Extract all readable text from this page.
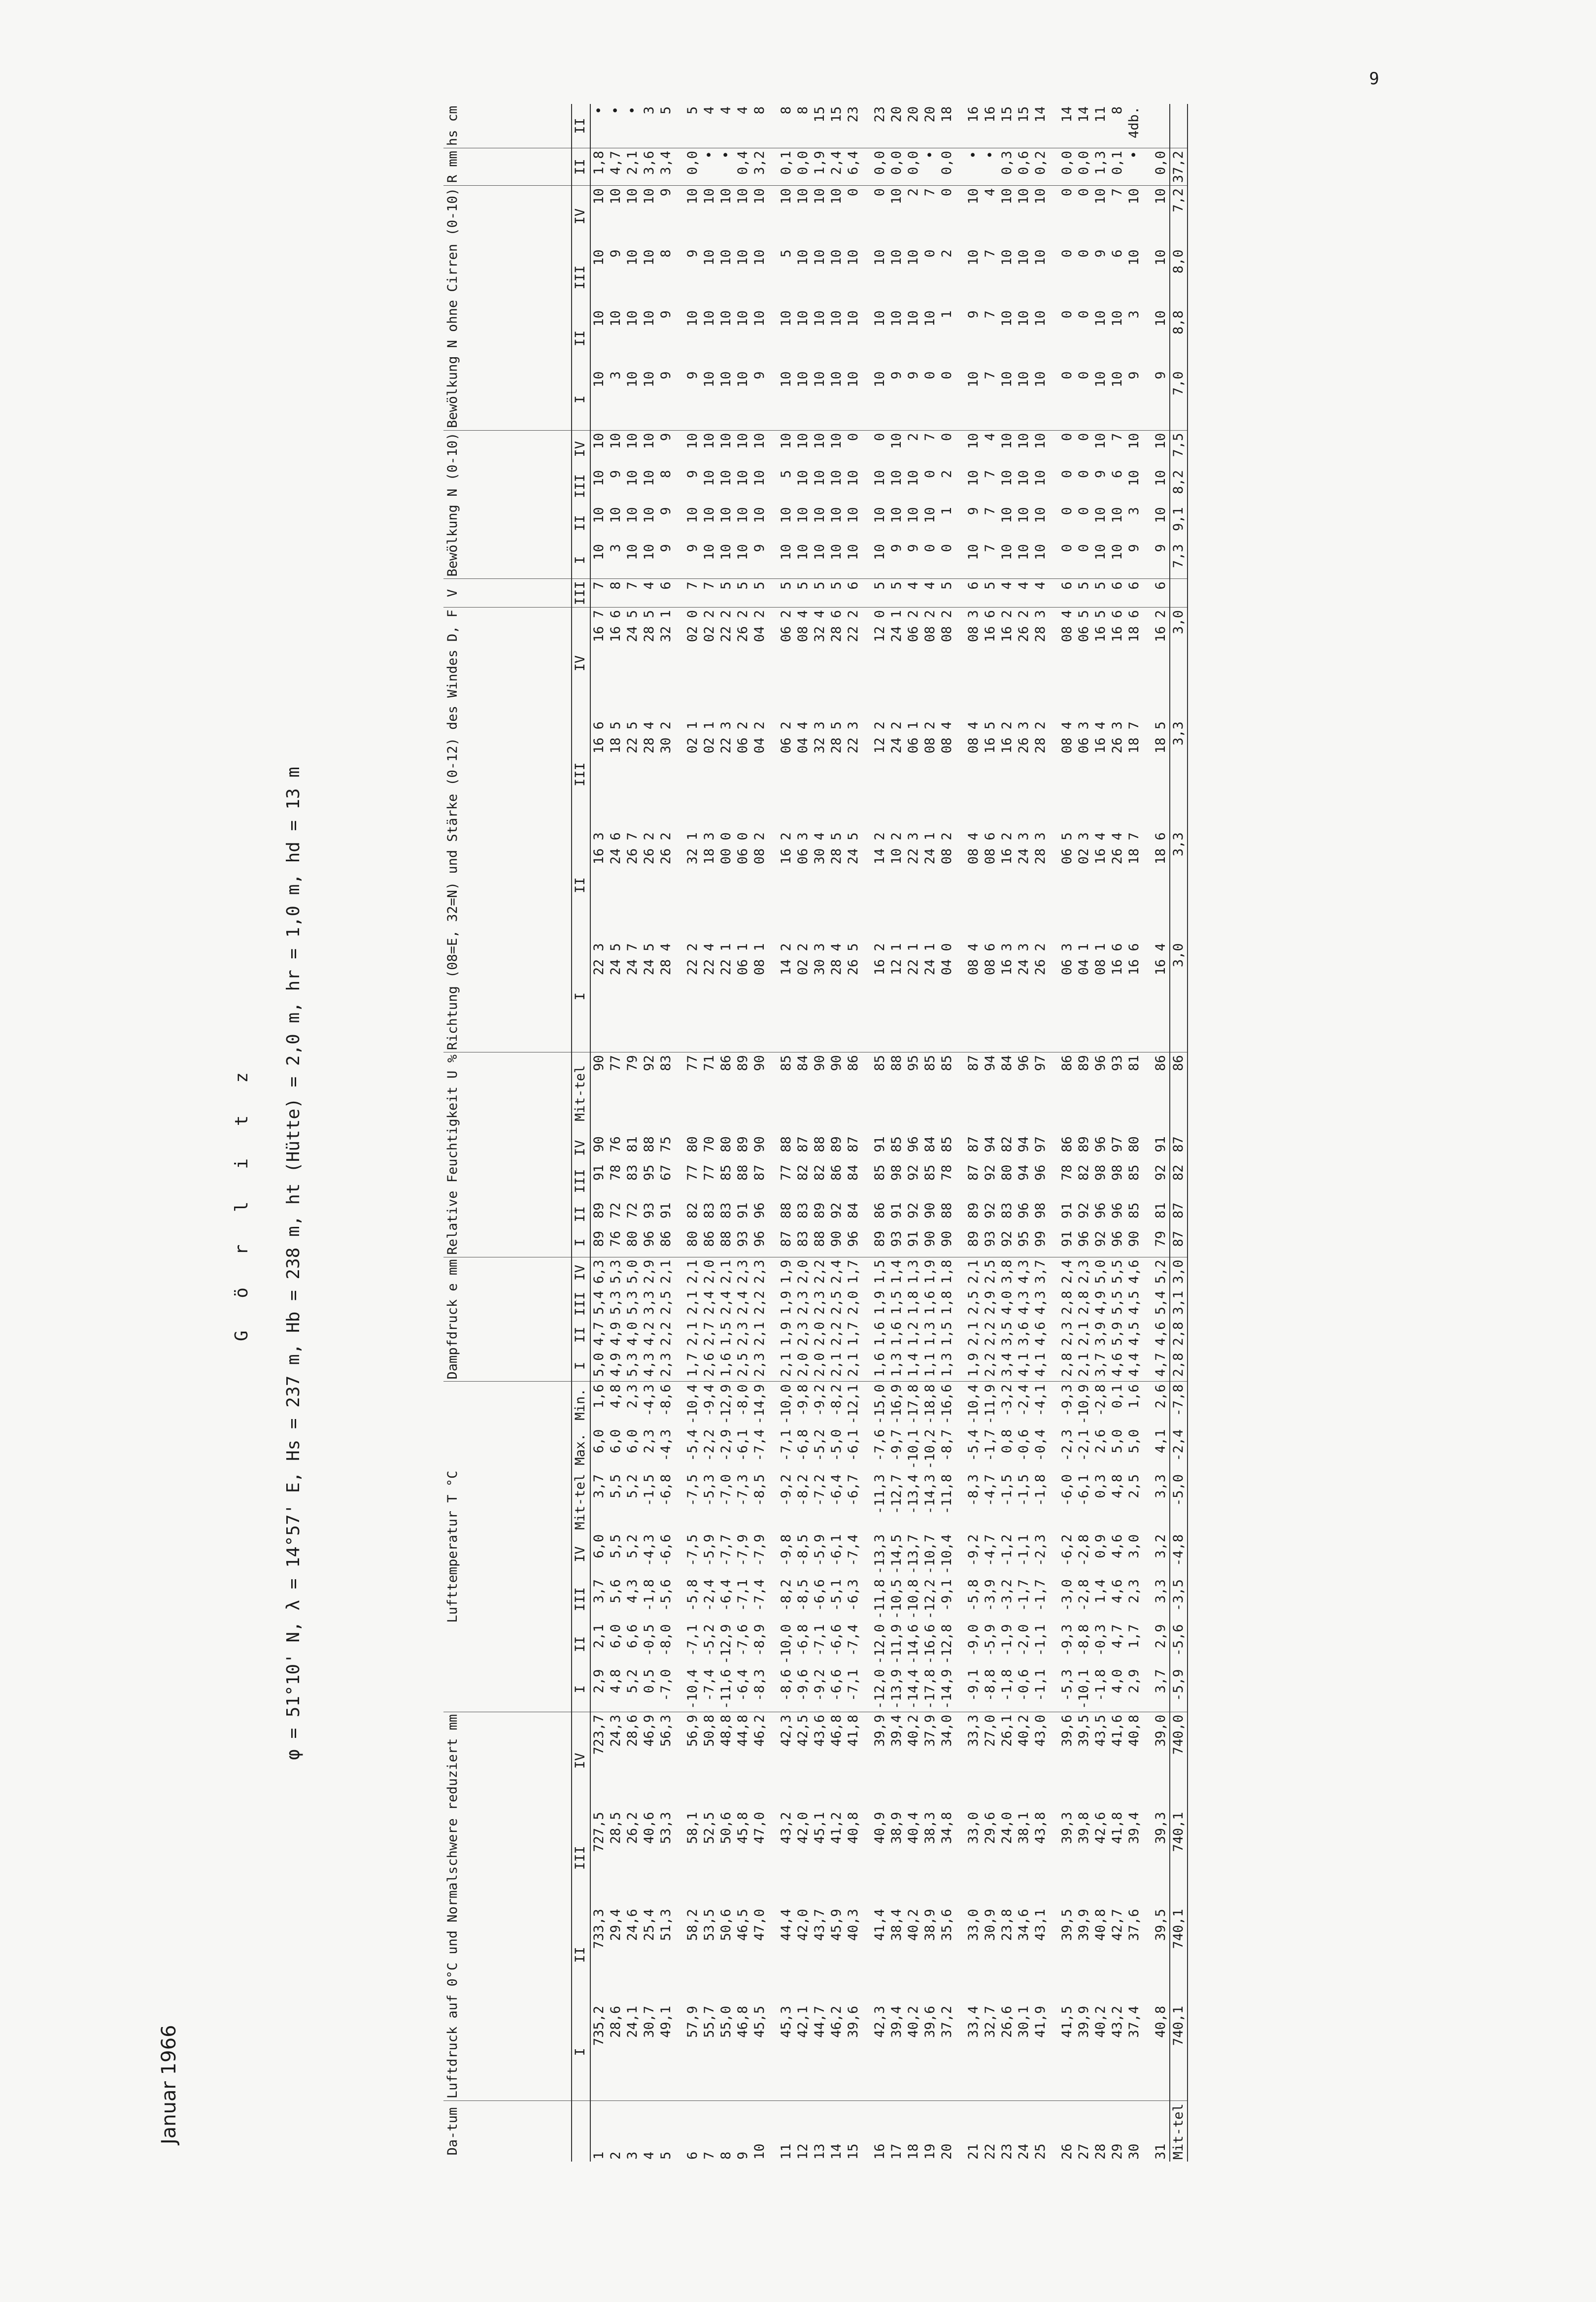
9
Januar 1966
G ö r l i t z φ = 51°10' N, λ = 14°57' E, Hs = 237 m, Hb = 238 m, ht (Hütte) = 2,0 m, hr = 1,0 m, hd = 13 m
Da-tum	Luftdruck auf 0°C und Normalschwere reduziert mm				Lufttemperatur T °C							Dampfdruck e mm				Relative Feuchtigkeit U %					Richtung (08=E, 32=N) und Stärke (0-12) des Windes D, F				V	Bewölkung N (0-10)				Bewölkung N ohne Cirren (0-10)				R mm	hs cm
	I	II	III	IV	I	II	III	IV	Mit-tel	Max.	Min.	I	II	III	IV	I	II	III	IV	Mit-tel	I	II	III	IV	III	I	II	III	IV	I	II	III	IV	II	II
1	735,2	733,3	727,5	723,7	2,9	2,1	3,7	6,0	3,7	6,0	1,6	5,0	4,7	5,4	6,3	89	89	91	90	90	22 3	16 3	16 6	16 7	7	10	10	10	10	10	10	10	10	1,8	•
2	28,6	29,4	28,5	24,3	4,8	6,0	5,6	5,5	5,5	6,0	4,8	4,9	4,9	5,3	5,3	76	72	78	76	77	24 5	24 6	18 5	16 6	8	3	10	9	10	3	10	9	10	4,7	•
3	24,1	24,6	26,2	28,6	5,2	6,6	4,3	5,2	5,2	6,0	2,3	5,3	4,0	5,3	5,0	80	72	83	81	79	24 7	26 7	22 5	24 5	7	10	10	10	10	10	10	10	10	2,1	•
4	30,7	25,4	40,6	46,9	0,5	-0,5	-1,8	-4,3	-1,5	2,3	-4,3	4,3	4,2	3,3	2,9	96	93	95	88	92	24 5	26 2	28 4	28 5	4	10	10	10	10	10	10	10	10	3,6	3
5	49,1	51,3	53,3	56,3	-7,0	-8,0	-5,6	-6,6	-6,8	-4,3	-8,6	2,3	2,2	2,5	2,1	86	91	67	75	83	28 4	26 2	30 2	32 1	6	9	9	8	9	9	9	8	9	3,4	5
6	57,9	58,2	58,1	56,9	-10,4	-7,1	-5,8	-7,5	-7,5	-5,4	-10,4	1,7	2,1	2,1	2,1	80	82	77	80	77	22 2	32 1	02 1	02 0	7	9	10	9	10	9	10	9	10	0,0	5
7	55,7	53,5	52,5	50,8	-7,4	-5,2	-2,4	-5,9	-5,3	-2,2	-9,4	2,6	2,7	2,4	2,0	86	83	77	70	71	22 4	18 3	02 1	02 2	7	10	10	10	10	10	10	10	10	•	4
8	55,0	50,6	50,6	48,8	-11,6	-12,9	-6,4	-7,7	-7,0	-2,9	-12,9	1,6	1,5	2,4	2,1	88	83	85	80	86	22 1	00 0	22 3	22 2	5	10	10	10	10	10	10	10	10	•	4
9	46,8	46,5	45,8	44,8	-6,4	-7,6	-7,1	-7,9	-7,3	-6,1	-8,0	2,5	2,3	2,4	2,3	93	91	88	89	89	06 1	06 0	06 2	26 2	5	10	10	10	10	10	10	10	10	0,4	4
10	45,5	47,0	47,0	46,2	-8,3	-8,9	-7,4	-7,9	-8,5	-7,4	-14,9	2,3	2,1	2,2	2,3	96	96	87	90	90	08 1	08 2	04 2	04 2	5	9	10	10	10	9	10	10	10	3,2	8
11	45,3	44,4	43,2	42,3	-8,6	-10,0	-8,2	-9,8	-9,2	-7,1	-10,0	2,1	1,9	1,9	1,9	87	88	77	88	85	14 2	16 2	06 2	06 2	5	10	10	5	10	10	10	5	10	0,1	8
12	42,1	42,0	42,0	42,5	-9,6	-6,8	-8,5	-8,5	-8,2	-6,8	-9,8	2,0	2,3	2,3	2,0	83	83	82	87	84	02 2	06 3	04 4	08 4	5	10	10	10	10	10	10	10	10	0,0	8
13	44,7	43,7	45,1	43,6	-9,2	-7,1	-6,6	-5,9	-7,2	-5,2	-9,2	2,0	2,0	2,3	2,2	88	89	82	88	90	30 3	30 4	32 3	32 4	5	10	10	10	10	10	10	10	10	1,9	15
14	46,2	45,9	41,2	46,8	-6,6	-6,6	-5,1	-6,1	-6,4	-5,0	-8,2	2,1	2,2	2,5	2,4	90	92	86	89	90	28 4	28 5	28 5	28 6	5	10	10	10	10	10	10	10	10	2,4	15
15	39,6	40,3	40,8	41,8	-7,1	-7,4	-6,3	-7,4	-6,7	-6,1	-12,1	2,1	1,7	2,0	1,7	96	84	84	87	86	26 5	24 5	22 3	22 2	6	10	10	10	0	10	10	10	0	6,4	23
16	42,3	41,4	40,9	39,9	-12,0	-12,0	-11,8	-13,3	-11,3	-7,6	-15,0	1,6	1,6	1,9	1,5	89	86	85	91	85	16 2	14 2	12 2	12 0	5	10	10	10	0	10	10	10	0	0,0	23
17	39,4	38,4	38,9	39,4	-13,9	-11,9	-10,5	-14,5	-12,7	-9,7	-16,9	1,3	1,6	1,5	1,4	93	91	98	85	88	12 1	10 2	24 2	24 1	5	9	10	10	10	9	10	10	10	0,0	20
18	40,2	40,2	40,4	40,2	-14,4	-14,6	-10,8	-13,7	-13,4	-10,1	-17,8	1,4	1,2	1,8	1,3	91	92	92	96	95	22 1	22 3	06 1	06 2	4	9	10	10	2	9	10	10	2	0,0	20
19	39,6	38,9	38,3	37,9	-17,8	-16,6	-12,2	-10,7	-14,3	-10,2	-18,8	1,1	1,3	1,6	1,9	90	90	85	84	85	24 1	24 1	08 2	08 2	4	0	10	0	7	0	10	0	7	•	20
20	37,2	35,6	34,8	34,0	-14,9	-12,8	-9,1	-10,4	-11,8	-8,7	-16,6	1,3	1,5	1,8	1,8	90	88	78	85	85	04 0	08 2	08 4	08 2	5	0	1	2	0	0	1	2	0	0,0	18
21	33,4	33,0	33,0	33,3	-9,1	-9,0	-5,8	-9,2	-8,3	-5,4	-10,4	1,9	2,1	2,5	2,1	89	89	87	87	87	08 4	08 4	08 4	08 3	6	10	9	10	10	10	9	10	10	•	16
22	32,7	30,9	29,6	27,0	-8,8	-5,9	-3,9	-4,7	-4,7	-1,7	-11,9	2,2	2,2	2,9	2,5	93	92	92	94	94	08 6	08 6	16 5	16 6	5	7	7	7	4	7	7	7	4	•	16
23	26,6	23,8	24,0	26,1	-1,8	-1,9	-3,2	-1,2	-1,5	0,8	-3,2	3,4	3,5	4,0	3,8	92	83	80	82	84	16 3	16 2	16 2	16 2	4	10	10	10	10	10	10	10	10	0,3	15
24	30,1	34,6	38,1	40,2	-0,6	-2,0	-1,7	-1,1	-1,5	-0,6	-2,4	4,1	3,6	4,3	4,3	95	96	94	94	96	24 3	24 3	26 3	26 2	4	10	10	10	10	10	10	10	10	0,6	15
25	41,9	43,1	43,8	43,0	-1,1	-1,1	-1,7	-2,3	-1,8	-0,4	-4,1	4,1	4,6	4,3	3,7	99	98	96	97	97	26 2	28 3	28 2	28 3	4	10	10	10	10	10	10	10	10	0,2	14
26	41,5	39,5	39,3	39,6	-5,3	-9,3	-3,0	-6,2	-6,0	-2,3	-9,3	2,8	2,3	2,8	2,4	91	91	78	86	86	06 3	06 5	08 4	08 4	6	0	0	0	0	0	0	0	0	0,0	14
27	39,9	39,9	39,8	39,5	-10,1	-8,8	-2,8	-2,8	-6,1	-2,1	-10,9	2,1	2,1	2,8	2,3	96	92	82	89	89	04 1	02 3	06 3	06 5	5	0	0	0	0	0	0	0	0	0,0	14
28	40,2	40,8	42,6	43,5	-1,8	-0,3	1,4	0,9	0,3	2,6	-2,8	3,7	3,9	4,9	5,0	92	96	98	96	96	08 1	16 4	16 4	16 5	5	10	10	9	10	10	10	9	10	1,3	11
29	43,2	42,7	41,8	41,6	4,0	4,7	4,6	4,6	4,8	5,0	0,1	4,6	5,9	5,5	5,5	96	96	98	97	93	16 6	26 4	26 3	16 6	6	10	10	6	7	10	10	6	7	0,1	8
30	37,4	37,6	39,4	40,8	2,9	1,7	2,3	3,0	2,5	5,0	1,6	4,4	4,5	4,5	4,6	90	85	85	80	81	16 6	18 7	18 7	18 6	6	9	3	10	10	9	3	10	10	•	4db.
31	40,8	39,5	39,3	39,0	3,7	2,9	3,3	3,2	3,3	4,1	2,6	4,7	4,6	5,4	5,2	79	81	92	91	86	16 4	18 6	18 5	16 2	6	9	10	10	10	9	10	10	10	0,0	
Mit-tel	740,1	740,1	740,1	740,0	-5,9	-5,6	-3,5	-4,8	-5,0	-2,4	-7,8	2,8	2,8	3,1	3,0	87	87	82	87	86	3,0	3,3	3,3	3,0		7,3	9,1	8,2	7,5	7,0	8,8	8,0	7,2	37,2	
